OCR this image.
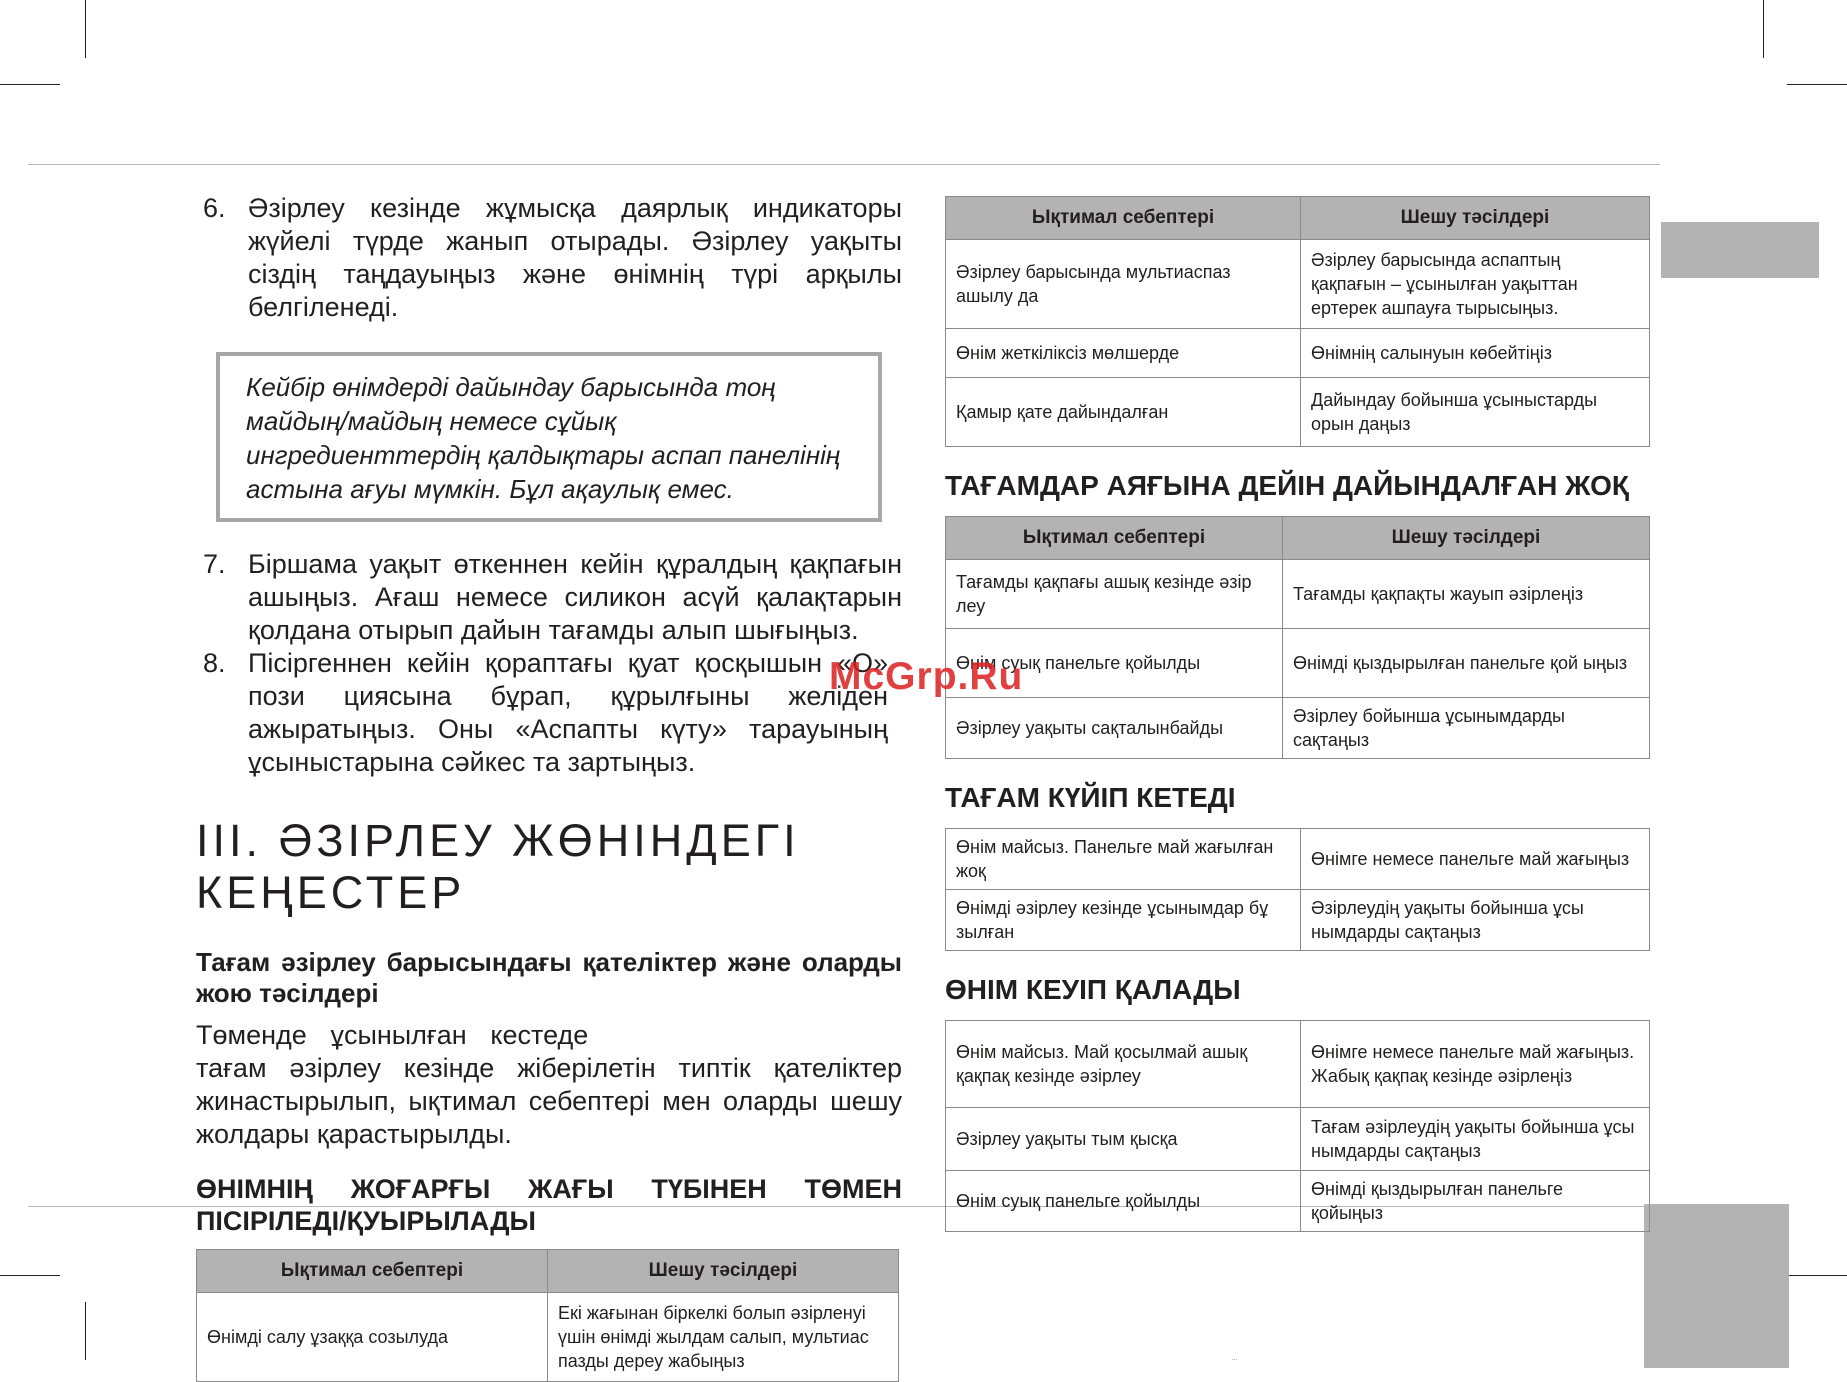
6. Әзірлеу кезінде жұмысқа даярлық индикаторы жүйелі түрде жанып отырады. Әзірлеу уақыты сіздің таңдауыңыз және өнімнің түрі арқылы белгіленеді.
Кейбір өнімдерді дайындау барысында тоң майдың/майдың немесе сұйық ингредиенттердің қалдықтары аспап панелінің астына ағуы мүмкін. Бұл ақаулық емес.
7. Біршама уақыт өткеннен кейін құралдың қақпағын ашыңыз. Ағаш немесе силикон асүй қалақтарын қолдана отырып дайын тағамды алып шығыңыз.
8. Пісіргеннен кейін қораптағы қуат қосқышын «О» пози циясына бұрап, құрылғыны желіден ажыратыңыз. Оны «Аспапты күту» тарауының ұсыныстарына сәйкес та зартыңыз.
III. ӘЗІРЛЕУ ЖӨНІНДЕГІ КЕҢЕСТЕР

Тағам әзірлеу барысындағы қателіктер және оларды жою тәсілдері

Төменде ұсынылған кестеде  тағам әзірлеу кезінде жіберілетін типтік қателіктер жинастырылып, ықтимал себептері мен оларды шешу жолдары қарастырылды.

ӨНІМНІҢ ЖОҒАРҒЫ ЖАҒЫ ТҮБІНЕН ТӨМЕН ПІСІРІЛЕДІ/ҚУЫРЫЛАДЫ

Ықтимал себептері	Шешу тәсілдері
Өнімді салу ұзаққа созылуда	Екі жағынан біркелкі болып әзірленуі үшін өнімді жылдам салып, мультиас пазды дереу жабыңыз
Ықтимал себептері	Шешу тәсілдері
Әзірлеу барысында мультиаспаз ашылу да	Әзірлеу барысында аспаптың қақпағын – ұсынылған уақыттан ертерек ашпауға тырысыңыз.
Өнім жеткіліксіз мөлшерде	Өнімнің салынуын көбейтіңіз
Қамыр қате дайындалған	Дайындау бойынша ұсыныстарды орын даңыз

ТАҒАМДАР АЯҒЫНА ДЕЙІН ДАЙЫНДАЛҒАН ЖОҚ

Ықтимал себептері	Шешу тәсілдері
Тағамды қақпағы ашық кезінде әзір леу	Тағамды қақпақты жауып әзірлеңіз
Өнім суық панельге қойылды	Өнімді қыздырылған панельге қой ыңыз
Әзірлеу уақыты сақталынбайды	Әзірлеу бойынша ұсынымдарды сақтаңыз

ТАҒАМ КҮЙІП КЕТЕДІ

Өнім майсыз. Панельге май жағылған жоқ	Өнімге немесе панельге май жағыңыз
Өнімді әзірлеу кезінде ұсынымдар бұ зылған	Әзірлеудің уақыты бойынша ұсы нымдарды сақтаңыз

ӨНІМ КЕУІП ҚАЛАДЫ

Өнім майсыз. Май қосылмай ашық қақпақ кезінде әзірлеу	Өнімге немесе панельге май жағыңыз. Жабық қақпақ кезінде әзірлеңіз
Әзірлеу уақыты тым қысқа	Тағам әзірлеудің уақыты бойынша ұсы нымдарды сақтаңыз
Өнім суық панельге қойылды	Өнімді қыздырылған панельге қойыңыз
McGrp.Ru
...
